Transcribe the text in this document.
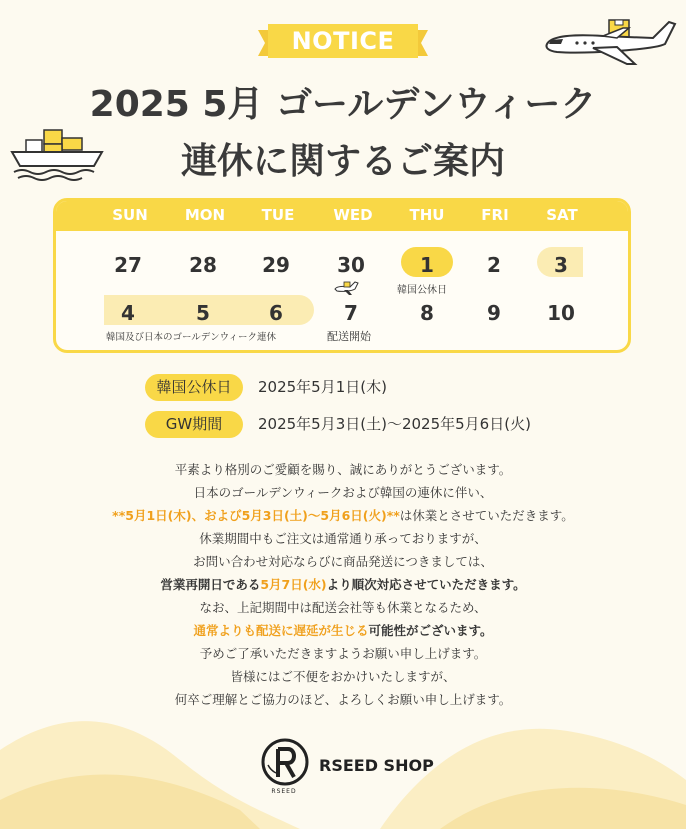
NOTICE
2025 5月 ゴールデンウィーク
連休に関するご案内
SUN	MON	TUE	WED	THU	FRI	SAT
27	28	29	30	1	2	3
韓国公休日
4	5	6	7	8	9	10
韓国及び日本のゴールデンウィーク連休	配送開始
韓国公休日	2025年5月1日(木)
GW期間	2025年5月3日(土)〜2025年5月6日(火)
平素より格別のご愛顧を賜り、誠にありがとうございます。
日本のゴールデンウィークおよび韓国の連休に伴い、
**5月1日(木)、および5月3日(土)〜5月6日(火)**は休業とさせていただきます。
休業期間中もご注文は通常通り承っておりますが、
お問い合わせ対応ならびに商品発送につきましては、
営業再開日である5月7日(水)より順次対応させていただきます。
なお、上記期間中は配送会社等も休業となるため、
通常よりも配送に遅延が生じる可能性がございます。
予めご了承いただきますようお願い申し上げます。
皆様にはご不便をおかけいたしますが、
何卒ご理解とご協力のほど、よろしくお願い申し上げます。
RSEED
RSEED SHOP
